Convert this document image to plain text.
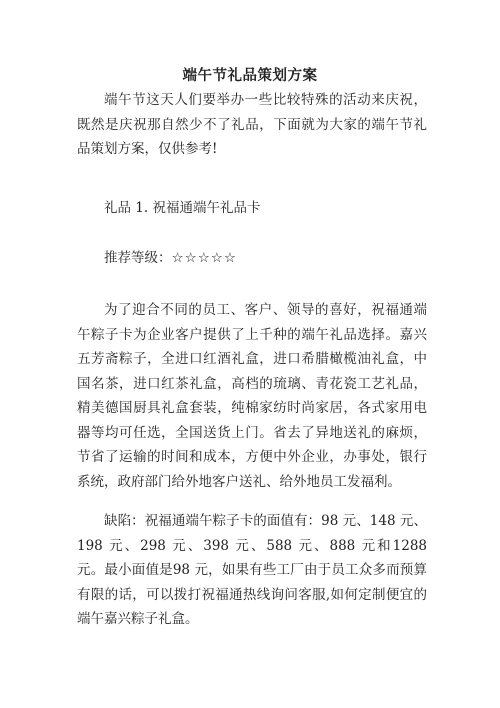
端午节礼品策划方案

端午节这天人们要举办一些比较特殊的活动来庆祝，既然是庆祝那自然少不了礼品，下面就为大家的端午节礼品策划方案，仅供参考!

礼品 1. 祝福通端午礼品卡

推荐等级：☆☆☆☆☆

为了迎合不同的员工、客户、领导的喜好，祝福通端午粽子卡为企业客户提供了上千种的端午礼品选择。嘉兴五芳斋粽子，全进口红酒礼盒，进口希腊橄榄油礼盒，中国名茶，进口红茶礼盒，高档的琉璃、青花瓷工艺礼品，精美德国厨具礼盒套装，纯棉家纺时尚家居，各式家用电器等均可任选，全国送货上门。省去了异地送礼的麻烦，节省了运输的时间和成本，方便中外企业，办事处，银行系统，政府部门给外地客户送礼、给外地员工发福利。

缺陷：祝福通端午粽子卡的面值有：98 元、148 元、198 元、298 元、398 元、588 元、888 元和1288 元。最小面值是98 元，如果有些工厂由于员工众多而预算有限的话，可以拨打祝福通热线询问客服,如何定制便宜的端午嘉兴粽子礼盒。
